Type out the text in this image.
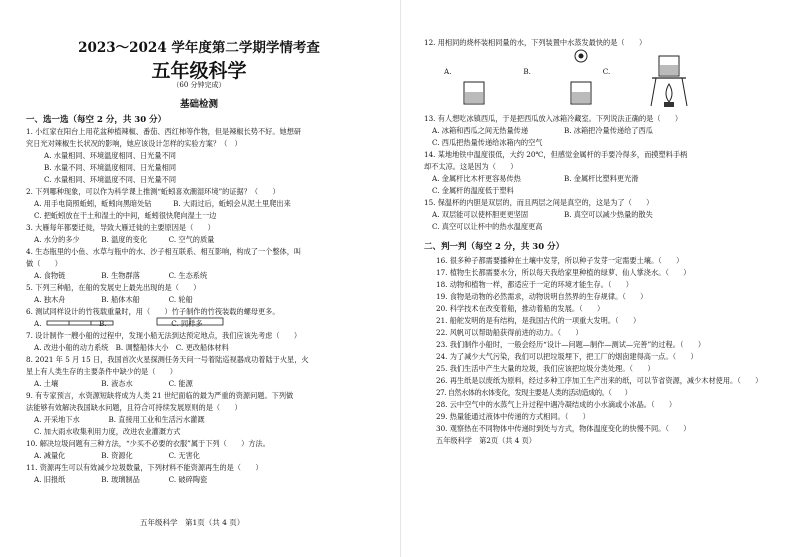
2023～2024 学年度第二学期学情考查
五年级科学
（60 分钟完成）
基础检测
一、选一选（每空 2 分，共 30 分）
1. 小红家在阳台上用花盆种植辣椒、番茄、西红柿等作物，但是辣椒长势不好。她想研
究日光对辣椒生长状况的影响，她应该设计怎样的实验方案？（　）
A. 水量相同、环境温度相同、日光量不同
B. 水量不同、环境温度相同、日光量相同
C. 水量相同、环境温度不同、日光量不同
2. 下列哪种现象，可以作为科学课上推测“蚯蚓喜欢潮湿环境”的证据？（　　）
A. 用手电筒照蚯蚓，蚯蚓向黑暗处钻　　　B. 大雨过后，蚯蚓会从泥土里爬出来
C. 把蚯蚓放在干土和湿土的中间，蚯蚓很快爬向湿土一边
3. 大雁每年都要迁徙，导致大雁迁徙的主要原因是（　　）
A. 水分的多少　　　B. 温度的变化　　　C. 空气的质量
4. 生态瓶里的小鱼、水草与瓶中的水、沙子相互联系、相互影响，构成了一个整体，叫
做（　　）
A. 食物链　　　　　B. 生物群落　　　　C. 生态系统
5. 下列三种船，在船的发展史上最先出现的是（　　）
A. 独木舟　　　　　B. 船体木船　　　　C. 轮船
6. 测试同样设计的竹筏载重量时，用（　　）竹子制作的竹筏装载的螺母更多。
A.　　　　　　　　B.　　　　　　　　　C. 同样多
7. 设计制作一艘小船的过程中，发现小船无法到达预定地点，我们应该先考虑（　　）
A. 改进小船的动力系统　B. 调整船体大小　C. 更改船体材料
8. 2021 年 5 月 15 日，我国首次火星探测任务天问一号着陆巡视器成功着陆于火星，火
星上有人类生存的主要条件中缺少的是（　　）
A. 土壤　　　　　　B. 液态水　　　　　C. 能源
9. 有专家预言，水资源短缺将成为人类 21 世纪面临的最为严重的资源问题。下列做
法能够有效解决我国缺水问题，且符合可持续发展原则的是（　　）
A. 开采地下水　　　　B. 直接用工业和生活污水灌溉
C. 加大雨水收集利用力度，改进农业灌溉方式
10. 解决垃圾问题有三种方法，“少买不必要的衣服”属于下列（　　）方法。
A. 减量化　　　　　B. 资源化　　　　　C. 无害化
11. 资源再生可以有效减少垃圾数量，下列材料不能资源再生的是（　　）
A. 旧报纸　　　　　B. 玻璃制品　　　　C. 破碎陶瓷
五年级科学　第1页（共 4 页）
12. 用相同的烧杯装相同量的水，下列装置中水蒸发最快的是（　　）
A.　　　　　　　　　　B.　　　　　　　　　　C.
13. 有人想吃冰镇西瓜，于是把西瓜放入冰箱冷藏室。下列说法正确的是（　　）
A. 冰箱和西瓜之间无热量传递　　　　　B. 冰箱把冷量传递给了西瓜
C. 西瓜把热量传递给冰箱内的空气
14. 某地地铁中温度很低，大约 20℃，但感觉金属杆的手要冷得多，而摸塑料手柄
却不太凉。这是因为（　　）
A. 金属杆比木杆更容易传热　　　　　　B. 金属杆比塑料更光滑
C. 金属杆的温度低于塑料
15. 保温杯的内胆是双层的，而且两层之间是真空的，这是为了（　　）
A. 双层能可以使杯胆更更坚固　　　　　B. 真空可以减少热量的散失
C. 真空可以让杯中的热水温度更高
二、判一判（每空 2 分，共 30 分）
16. 很多种子都需要播种在土壤中发芽，所以种子发芽一定需要土壤。（　　）
17. 植物生长都需要水分，所以每天我给家里种植的绿萝、仙人掌浇水。（　　）
18. 动物和植物一样，都适应于一定的环境才能生存。（　　）
19. 食物是动物的必然需求，动物说明自然界的生存规律。（　　）
20. 科学技术在改变着船，推动着船的发展。（　　）
21. 船舵发明的是有结构，是我国古代的一项重大发明。（　　）
22. 风帆可以帮助船获得前进的动力。（　　）
23. 我们制作小船时，一般会经历“设计—问题—制作—测试—完善”的过程。（　　）
24. 为了减少大气污染，我们可以把垃圾埋下，把工厂的烟囱建得高一点。（　　）
25. 我们生活中产生大量的垃圾，我们应该把垃圾分类处理。（　　）
26. 再生纸是以废纸为原料，经过多种工序加工生产出来的纸，可以节省资源，减少木材使用。（　　）
27. 自然水体的水体变化，发现主要是人类的活动造成的。（　　）
28. 云中空气中的水蒸气上升过程中遇冷凝结成的小水滴或小冰晶。（　　）
29. 热量能通过液体中传递的方式相同。（　　）
30. 观察热在不同物体中传递时到处与方式，物体温度变化的快慢不同。（　　）
五年级科学　第2页（共 4 页）
